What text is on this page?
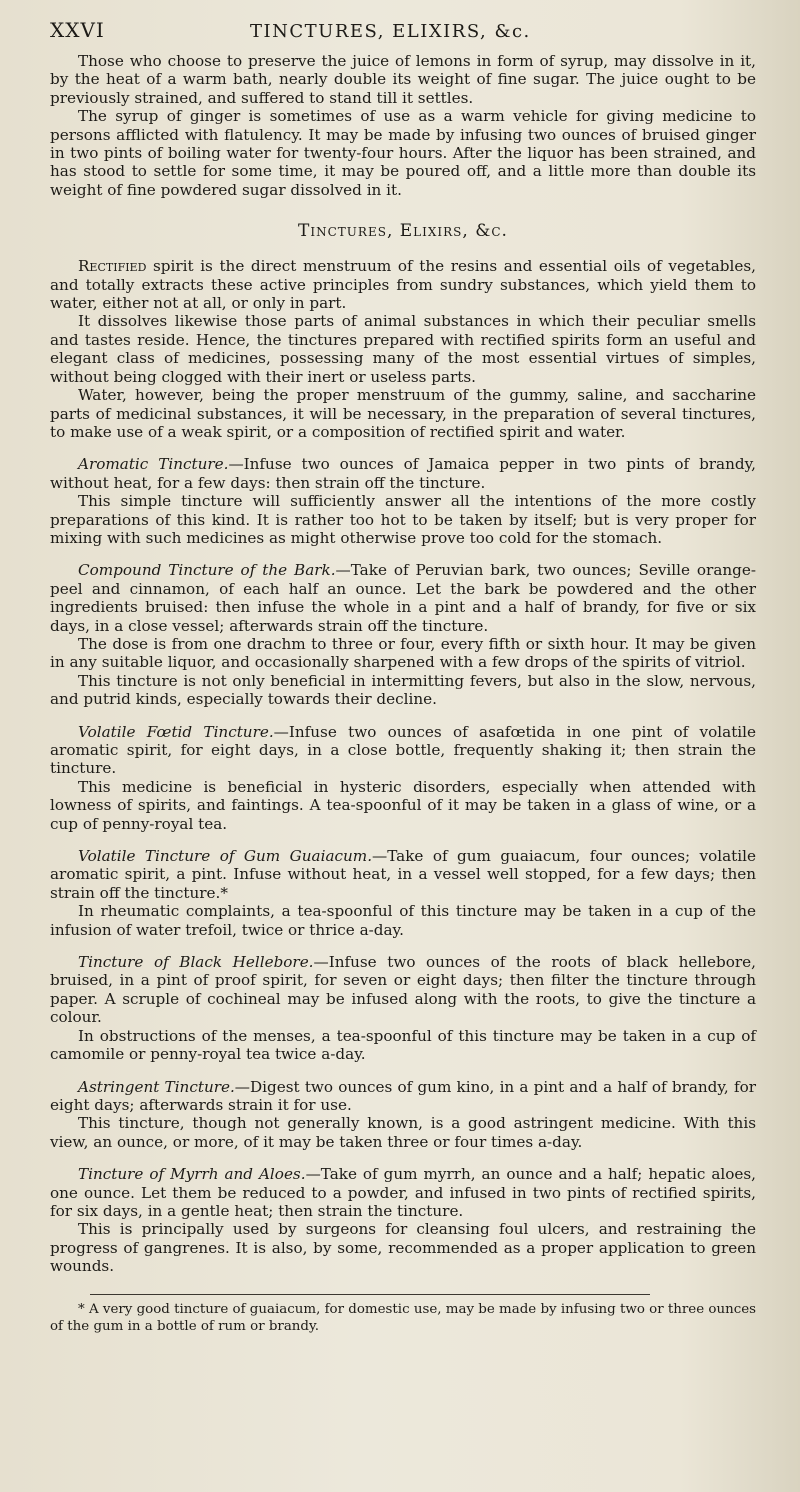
XXVI	TINCTURES, ELIXIRS, &c.

Those who choose to preserve the juice of lemons in form of syrup, may dissolve in it, by the heat of a warm bath, nearly double its weight of fine sugar. The juice ought to be previously strained, and suffered to stand till it settles.

The syrup of ginger is sometimes of use as a warm vehicle for giving medicine to persons afflicted with flatulency. It may be made by infusing two ounces of bruised ginger in two pints of boiling water for twenty-four hours. After the liquor has been strained, and has stood to settle for some time, it may be poured off, and a little more than double its weight of fine powdered sugar dissolved in it.

Tinctures, Elixirs, &c.

Rectified spirit is the direct menstruum of the resins and essential oils of vegetables, and totally extracts these active principles from sundry substances, which yield them to water, either not at all, or only in part.

It dissolves likewise those parts of animal substances in which their peculiar smells and tastes reside. Hence, the tinctures prepared with rectified spirits form an useful and elegant class of medicines, possessing many of the most essential virtues of simples, without being clogged with their inert or useless parts.

Water, however, being the proper menstruum of the gummy, saline, and saccharine parts of medicinal substances, it will be necessary, in the preparation of several tinctures, to make use of a weak spirit, or a composition of rectified spirit and water.

Aromatic Tincture.—Infuse two ounces of Jamaica pepper in two pints of brandy, without heat, for a few days: then strain off the tincture.

This simple tincture will sufficiently answer all the intentions of the more costly preparations of this kind. It is rather too hot to be taken by itself; but is very proper for mixing with such medicines as might otherwise prove too cold for the stomach.

Compound Tincture of the Bark.—Take of Peruvian bark, two ounces; Seville orange-peel and cinnamon, of each half an ounce. Let the bark be powdered and the other ingredients bruised: then infuse the whole in a pint and a half of brandy, for five or six days, in a close vessel; afterwards strain off the tincture.

The dose is from one drachm to three or four, every fifth or sixth hour. It may be given in any suitable liquor, and occasionally sharpened with a few drops of the spirits of vitriol.

This tincture is not only beneficial in intermitting fevers, but also in the slow, nervous, and putrid kinds, especially towards their decline.

Volatile Fœtid Tincture.—Infuse two ounces of asafœtida in one pint of volatile aromatic spirit, for eight days, in a close bottle, frequently shaking it; then strain the tincture.

This medicine is beneficial in hysteric disorders, especially when attended with lowness of spirits, and faintings. A tea-spoonful of it may be taken in a glass of wine, or a cup of penny-royal tea.

Volatile Tincture of Gum Guaiacum.—Take of gum guaiacum, four ounces; volatile aromatic spirit, a pint. Infuse without heat, in a vessel well stopped, for a few days; then strain off the tincture.*

In rheumatic complaints, a tea-spoonful of this tincture may be taken in a cup of the infusion of water trefoil, twice or thrice a-day.

Tincture of Black Hellebore.—Infuse two ounces of the roots of black hellebore, bruised, in a pint of proof spirit, for seven or eight days; then filter the tincture through paper. A scruple of cochineal may be infused along with the roots, to give the tincture a colour.

In obstructions of the menses, a tea-spoonful of this tincture may be taken in a cup of camomile or penny-royal tea twice a-day.

Astringent Tincture.—Digest two ounces of gum kino, in a pint and a half of brandy, for eight days; afterwards strain it for use.

This tincture, though not generally known, is a good astringent medicine. With this view, an ounce, or more, of it may be taken three or four times a-day.

Tincture of Myrrh and Aloes.—Take of gum myrrh, an ounce and a half; hepatic aloes, one ounce. Let them be reduced to a powder, and infused in two pints of rectified spirits, for six days, in a gentle heat; then strain the tincture.

This is principally used by surgeons for cleansing foul ulcers, and restraining the progress of gangrenes. It is also, by some, recommended as a proper application to green wounds.

* A very good tincture of guaiacum, for domestic use, may be made by infusing two or three ounces of the gum in a bottle of rum or brandy.
